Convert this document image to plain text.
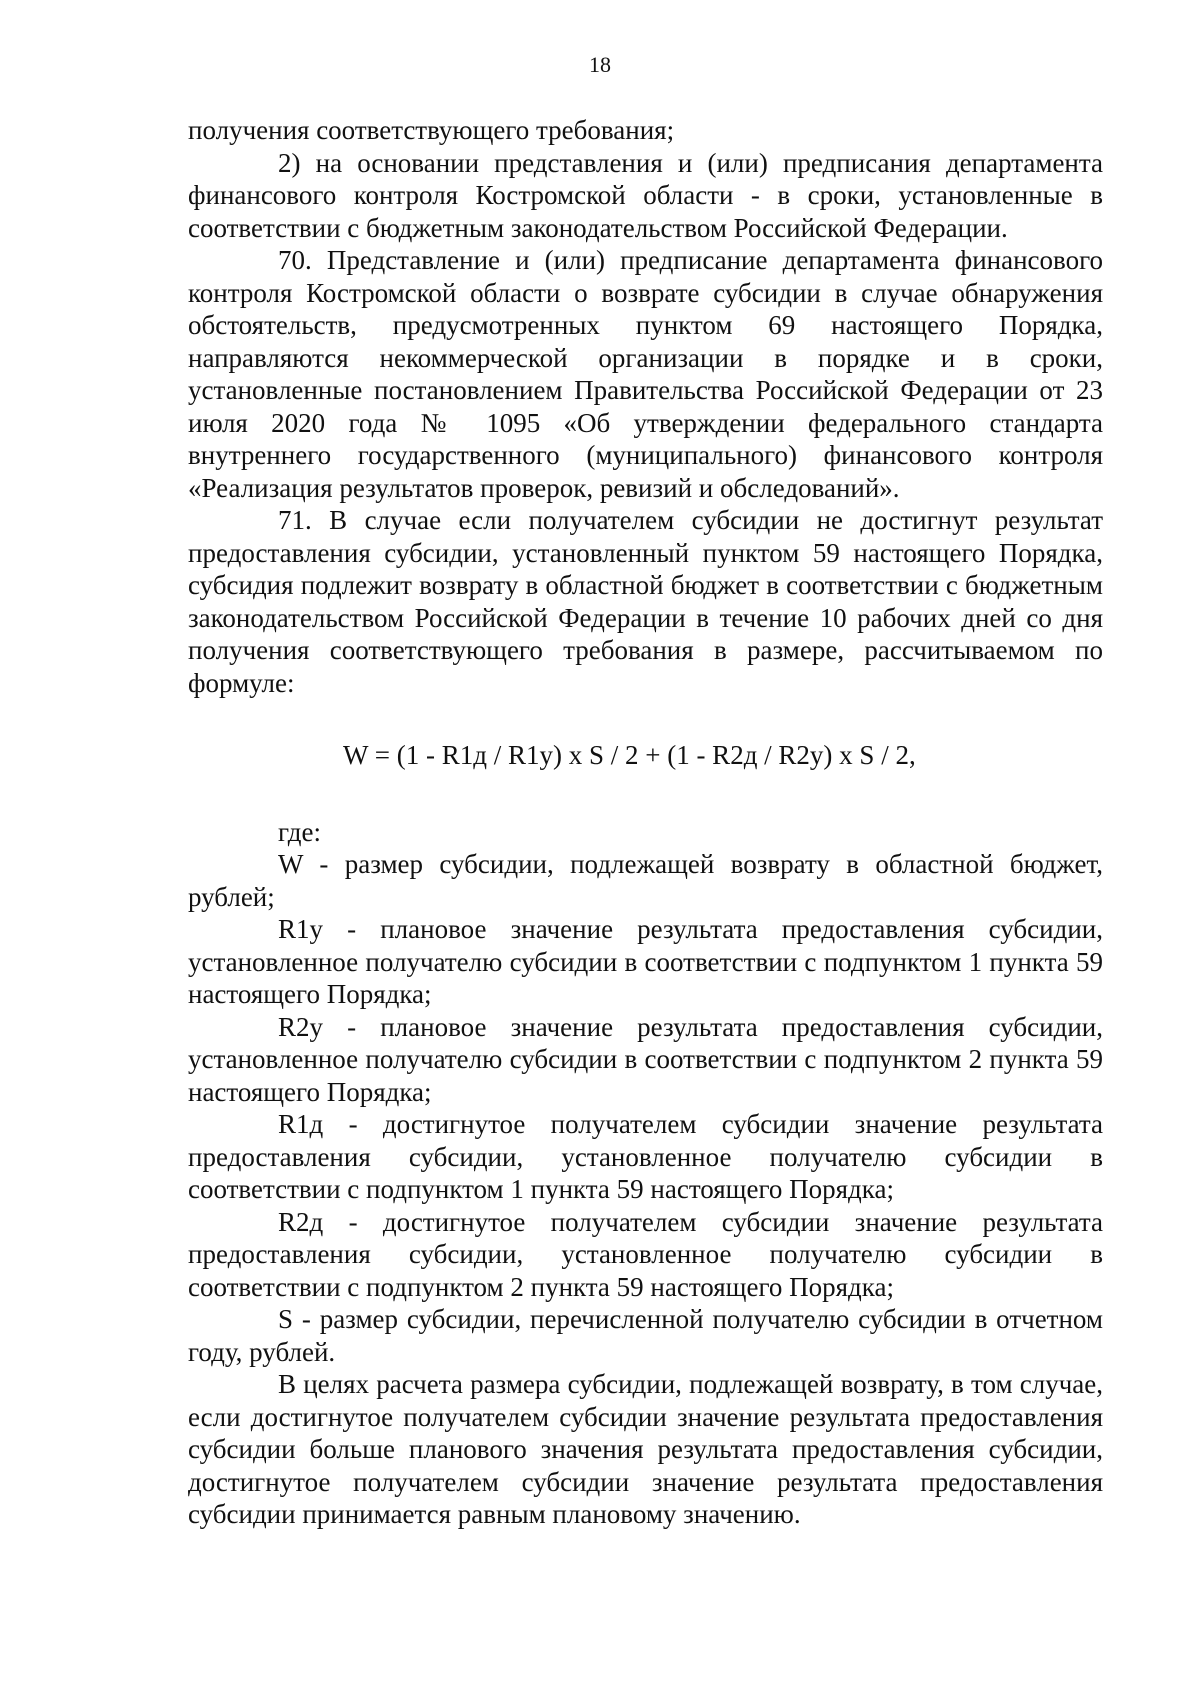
18

получения соответствующего требования;

2) на основании представления и (или) предписания департамента финансового контроля Костромской области - в сроки, установленные в соответствии с бюджетным законодательством Российской Федерации.

70. Представление и (или) предписание департамента финансового контроля Костромской области о возврате субсидии в случае обнаружения обстоятельств, предусмотренных пунктом 69 настоящего Порядка, направляются некоммерческой организации в порядке и в сроки, установленные постановлением Правительства Российской Федерации от 23 июля 2020 года № 1095 «Об утверждении федерального стандарта внутреннего государственного (муниципального) финансового контроля «Реализация результатов проверок, ревизий и обследований».

71. В случае если получателем субсидии не достигнут результат предоставления субсидии, установленный пунктом 59 настоящего Порядка, субсидия подлежит возврату в областной бюджет в соответствии с бюджетным законодательством Российской Федерации в течение 10 рабочих дней со дня получения соответствующего требования в размере, рассчитываемом по формуле:

W = (1 - R1д / R1у) х S / 2 + (1 - R2д / R2у) х S / 2,

где:

W - размер субсидии, подлежащей возврату в областной бюджет, рублей;

R1у - плановое значение результата предоставления субсидии, установленное получателю субсидии в соответствии с подпунктом 1 пункта 59 настоящего Порядка;

R2у - плановое значение результата предоставления субсидии, установленное получателю субсидии в соответствии с подпунктом 2 пункта 59 настоящего Порядка;

R1д - достигнутое получателем субсидии значение результата предоставления субсидии, установленное получателю субсидии в соответствии с подпунктом 1 пункта 59 настоящего Порядка;

R2д - достигнутое получателем субсидии значение результата предоставления субсидии, установленное получателю субсидии в соответствии с подпунктом 2 пункта 59 настоящего Порядка;

S - размер субсидии, перечисленной получателю субсидии в отчетном году, рублей.

В целях расчета размера субсидии, подлежащей возврату, в том случае, если достигнутое получателем субсидии значение результата предоставления субсидии больше планового значения результата предоставления субсидии, достигнутое получателем субсидии значение результата предоставления субсидии принимается равным плановому значению.
